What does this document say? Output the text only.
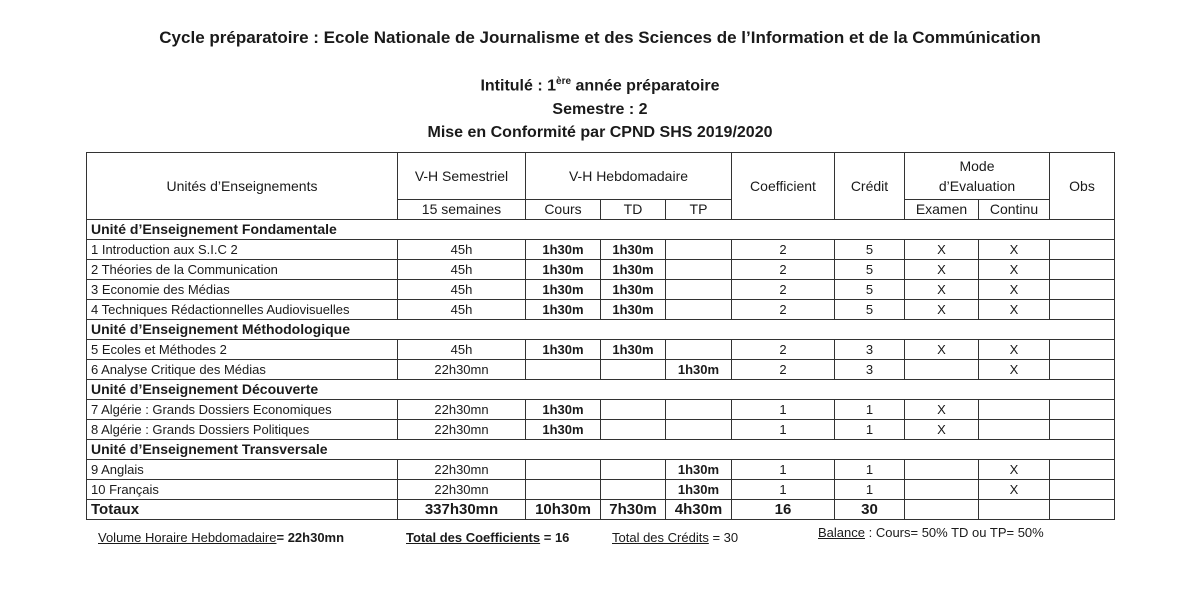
Cycle préparatoire : Ecole Nationale de Journalisme et des Sciences de l’Information et de la Commúnication
Intitulé : 1ère année préparatoire
Semestre : 2
Mise en Conformité par CPND SHS 2019/2020
Unités d’Enseignements	V-H Semestriel	V-H Hebdomadaire			Coefficient	Crédit	Mode
d’Evaluation		Obs
	15 semaines	Cours	TD	TP			Examen	Continu	
Unité d’Enseignement Fondamentale									
1 Introduction aux S.I.C 2	45h	1h30m	1h30m		2	5	X	X	
2 Théories de la Communication	45h	1h30m	1h30m		2	5	X	X	
3 Economie des Médias	45h	1h30m	1h30m		2	5	X	X	
4 Techniques Rédactionnelles Audiovisuelles	45h	1h30m	1h30m		2	5	X	X	
Unité d’Enseignement Méthodologique									
5 Ecoles et Méthodes 2	45h	1h30m	1h30m		2	3	X	X	
6 Analyse Critique des Médias	22h30mn			1h30m	2	3		X	
Unité d’Enseignement Découverte									
7 Algérie : Grands Dossiers Economiques	22h30mn	1h30m			1	1	X		
8 Algérie : Grands Dossiers Politiques	22h30mn	1h30m			1	1	X		
Unité d’Enseignement Transversale									
9 Anglais	22h30mn			1h30m	1	1		X	
10 Français	22h30mn			1h30m	1	1		X	
Totaux	337h30mn	10h30m	7h30m	4h30m	16	30			
Volume Horaire Hebdomadaire= 22h30mn	Total des Coefficients = 16	Total des Crédits = 30	Balance : Cours= 50% TD ou TP= 50%
